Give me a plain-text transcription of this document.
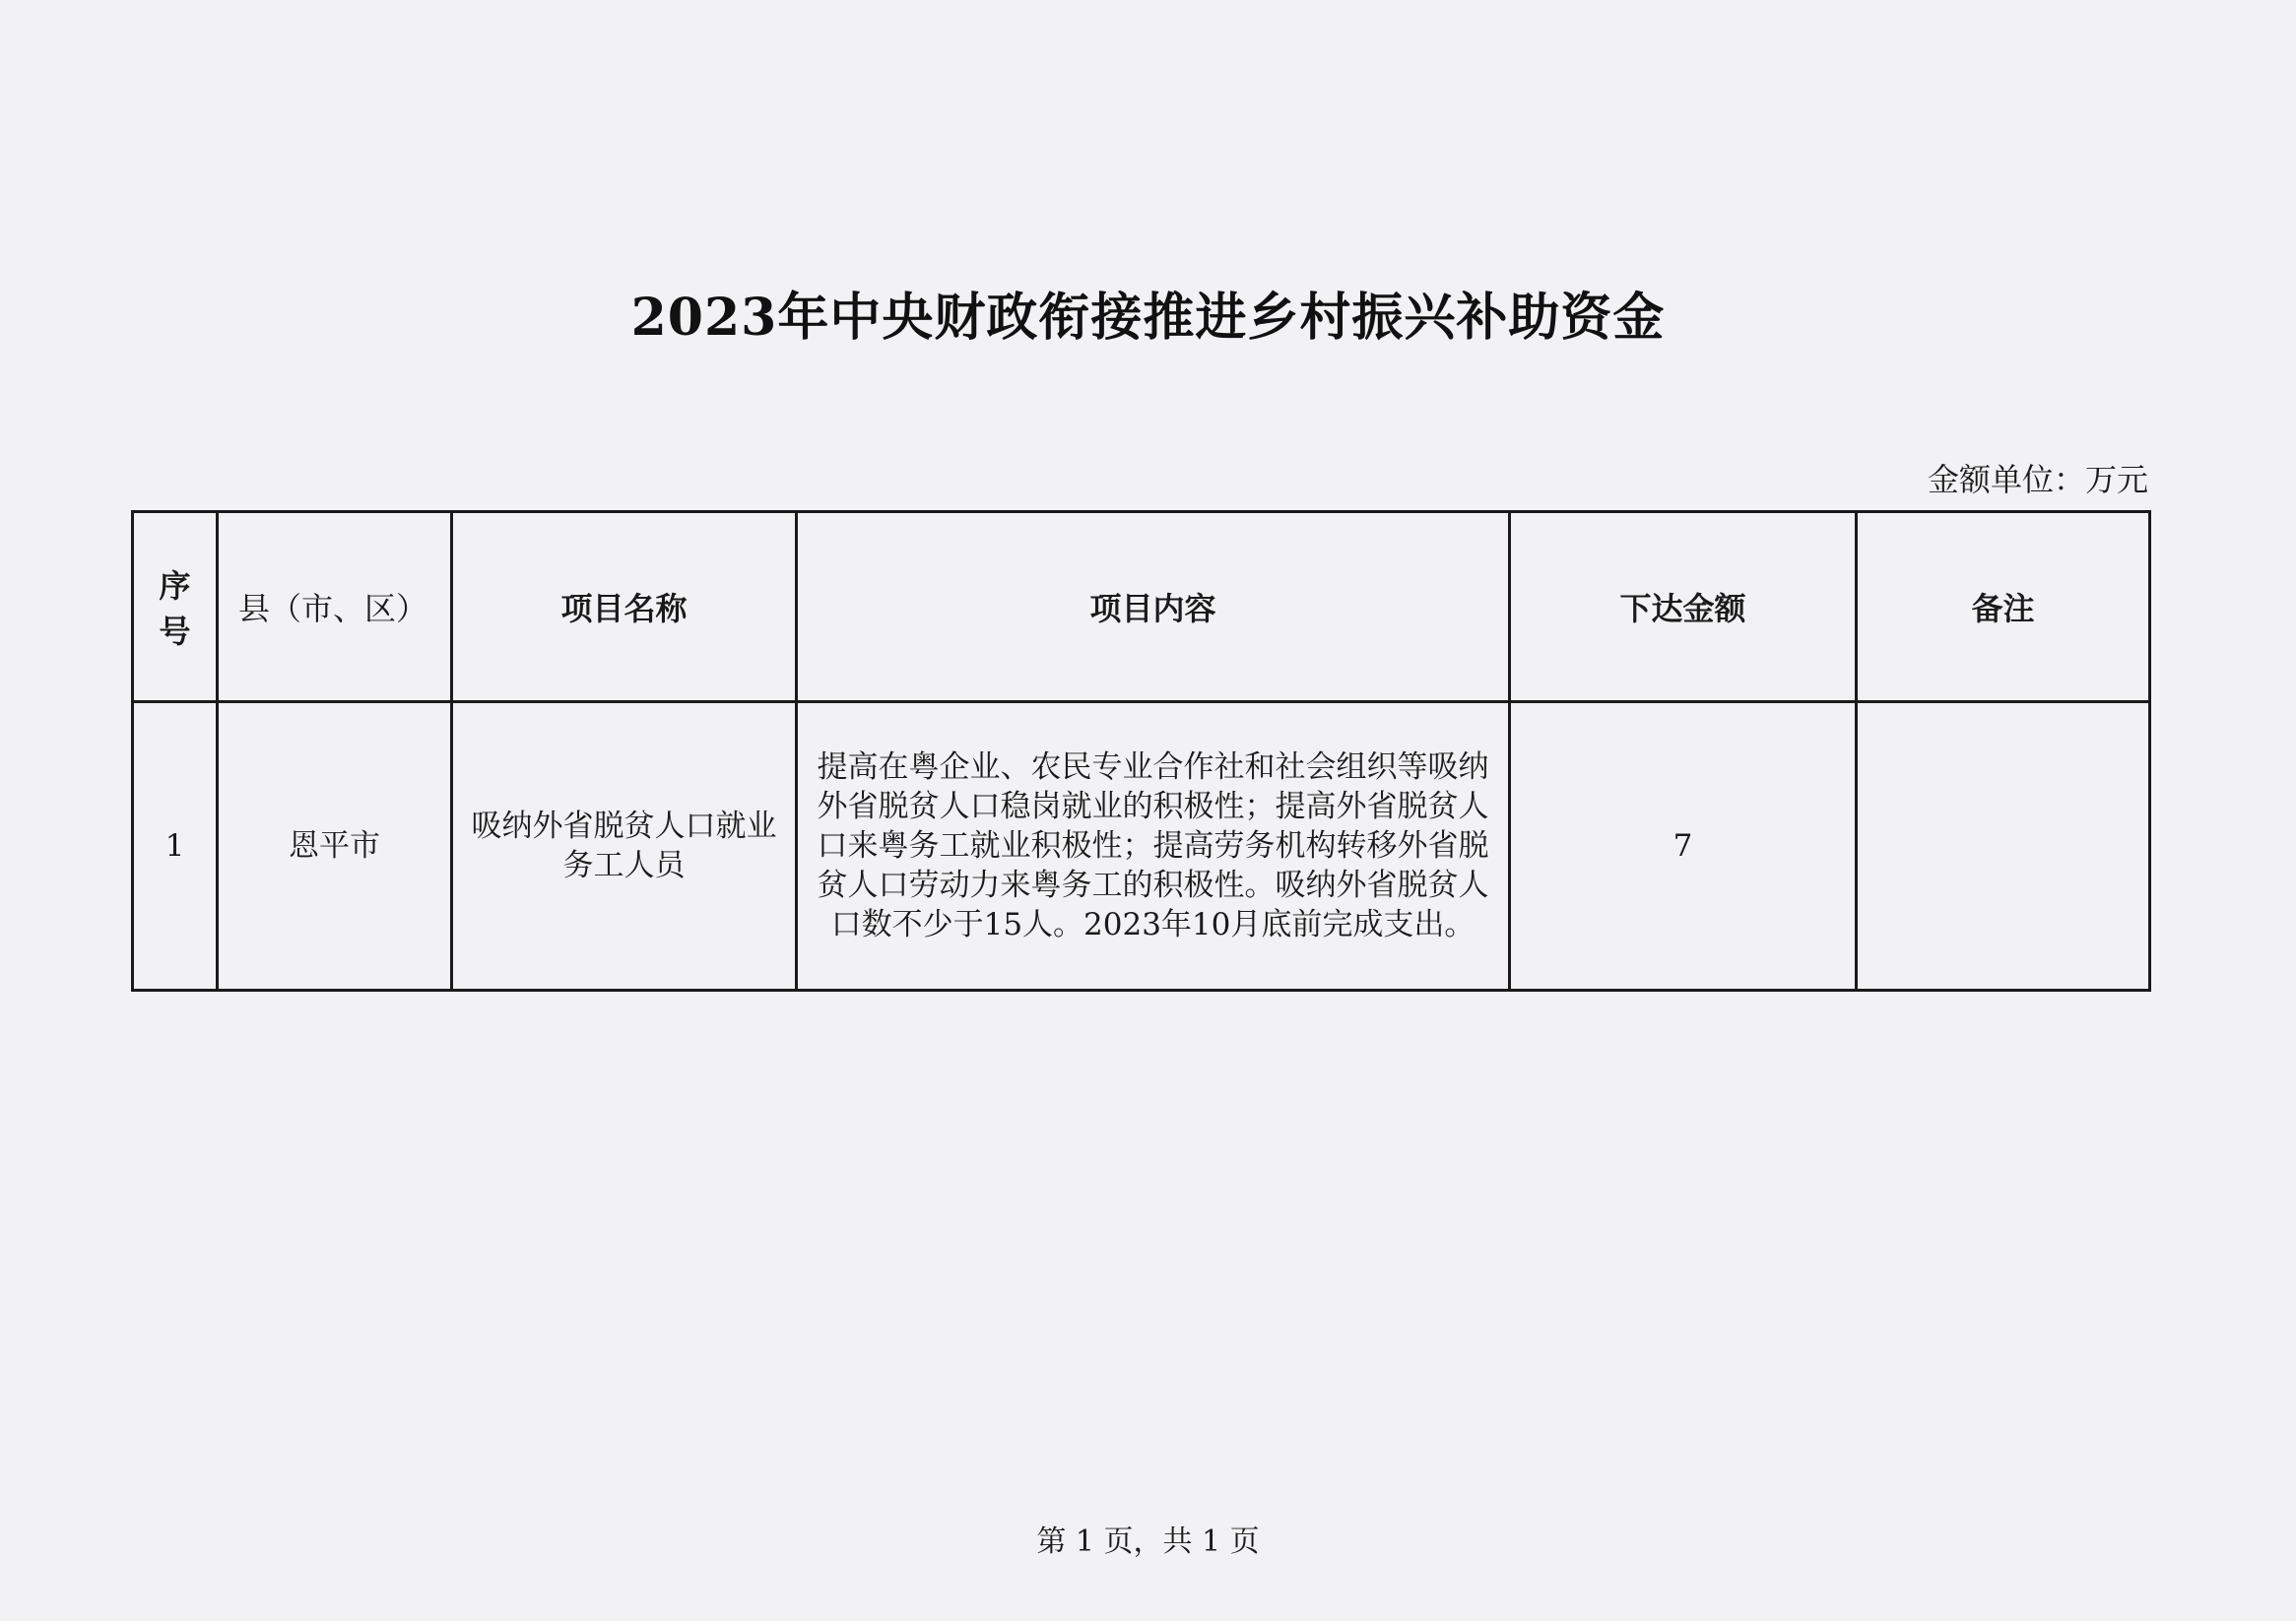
2023年中央财政衔接推进乡村振兴补助资金
金额单位：万元
序号	县（市、区）	项目名称	项目内容	下达金额	备注
1	恩平市	吸纳外省脱贫人口就业务工人员	提高在粤企业、农民专业合作社和社会组织等吸纳外省脱贫人口稳岗就业的积极性；提高外省脱贫人口来粤务工就业积极性；提高劳务机构转移外省脱贫人口劳动力来粤务工的积极性。吸纳外省脱贫人口数不少于15人。2023年10月底前完成支出。	7	
第 1 页，共 1 页
